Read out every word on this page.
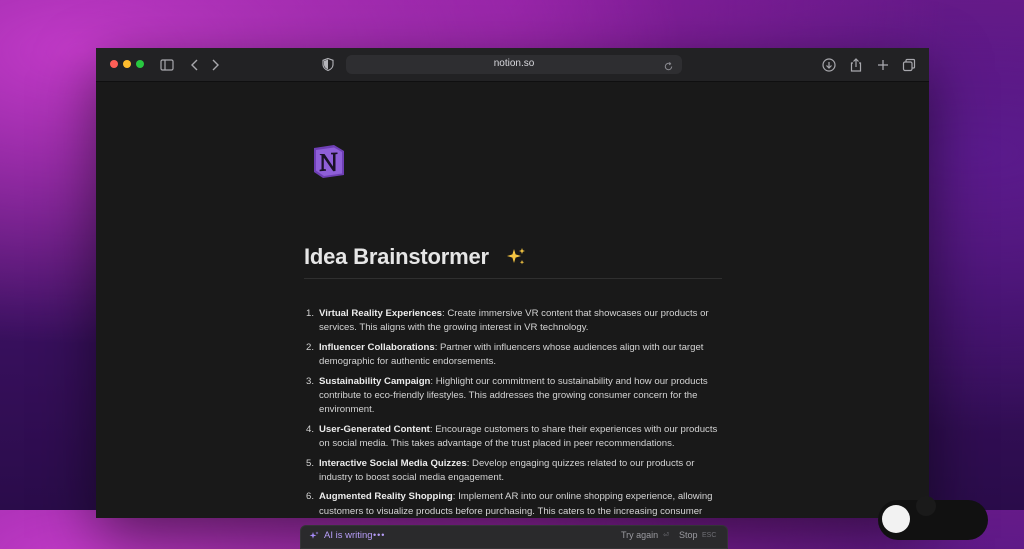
notion.so
Idea Brainstormer
1. Virtual Reality Experiences: Create immersive VR content that showcases our products or services. This aligns with the growing interest in VR technology.
2. Influencer Collaborations: Partner with influencers whose audiences align with our target demographic for authentic endorsements.
3. Sustainability Campaign: Highlight our commitment to sustainability and how our products contribute to eco-friendly lifestyles. This addresses the growing consumer concern for the environment.
4. User-Generated Content: Encourage customers to share their experiences with our products on social media. This takes advantage of the trust placed in peer recommendations.
5. Interactive Social Media Quizzes: Develop engaging quizzes related to our products or industry to boost social media engagement.
6. Augmented Reality Shopping: Implement AR into our online shopping experience, allowing customers to visualize products before purchasing. This caters to the increasing consumer
AI is writing •••	Try again ⏎ Stop ESC
